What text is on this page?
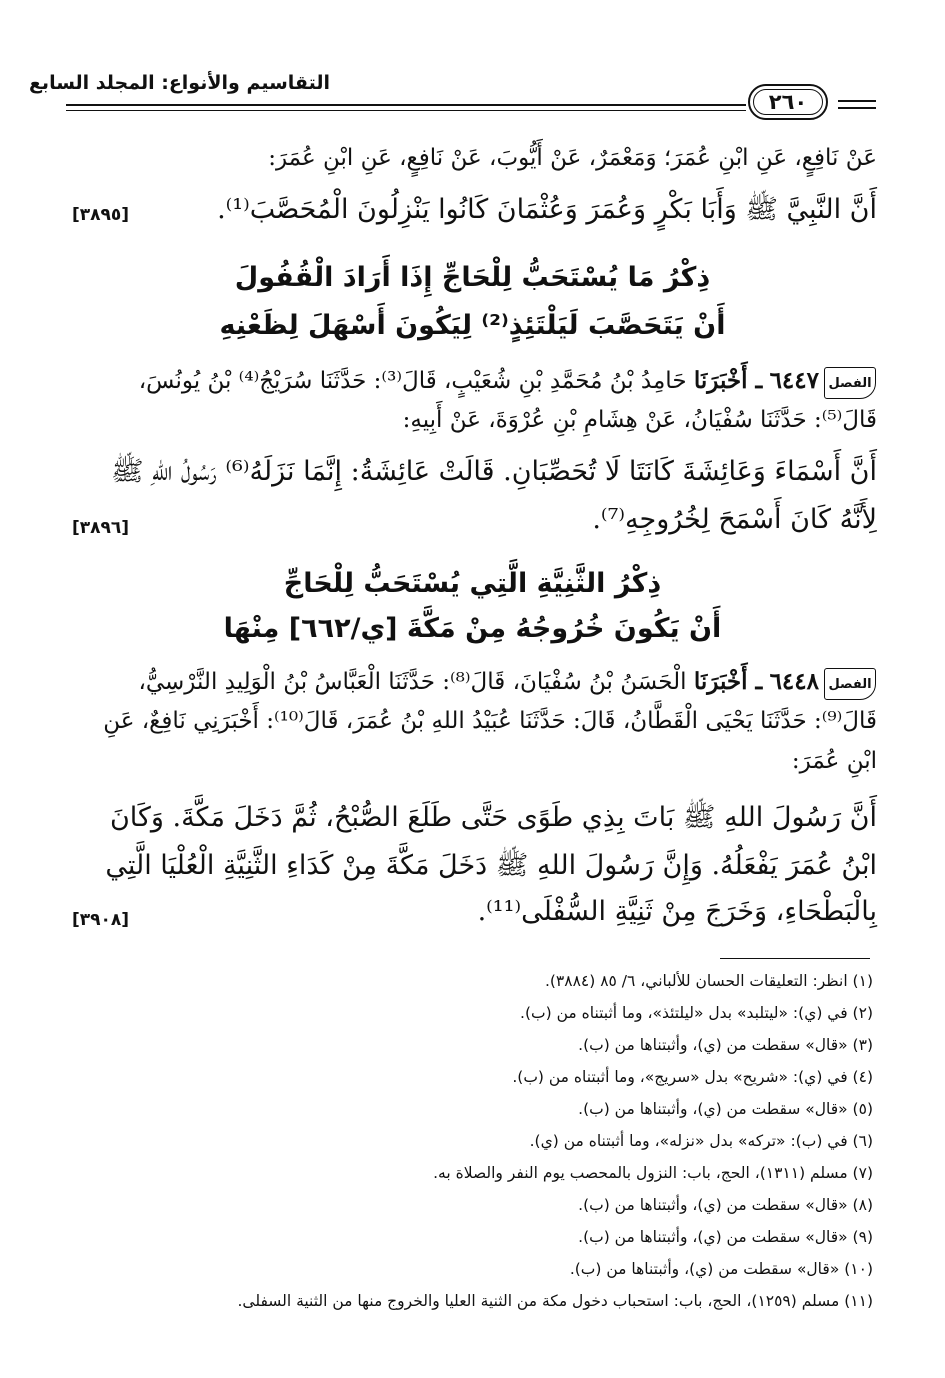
التقاسيم والأنواع: المجلد السابع
٢٦٠
عَنْ نَافِعٍ، عَنِ ابْنِ عُمَرَ؛ وَمَعْمَرٌ، عَنْ أَيُّوبَ، عَنْ نَافِعٍ، عَنِ ابْنِ عُمَرَ:
أَنَّ النَّبِيَّ ﷺ وَأَبَا بَكْرٍ وَعُمَرَ وَعُثْمَانَ كَانُوا يَنْزِلُونَ الْمُحَصَّبَ⁽¹⁾.
[٣٨٩٥]
ذِكْرُ مَا يُسْتَحَبُّ لِلْحَاجِّ إِذَا أَرَادَ الْقُفُولَ
أَنْ يَتَحَصَّبَ لَيَلْتَئِذٍ⁽²⁾ لِيَكُونَ أَسْهَلَ لِظَعْنِهِ
الفصل
٦٤٤٧ ـ أَخْبَرَنَا حَامِدُ بْنُ مُحَمَّدِ بْنِ شُعَيْبٍ، قَالَ⁽³⁾: حَدَّثَنَا سُرَيْجُ⁽⁴⁾ بْنُ يُونُسَ،
قَالَ⁽⁵⁾: حَدَّثَنَا سُفْيَانُ، عَنْ هِشَامِ بْنِ عُرْوَةَ، عَنْ أَبِيهِ:
أَنَّ أَسْمَاءَ وَعَائِشَةَ كَانَتَا لَا تُحَصِّبَانِ. قَالَتْ عَائِشَةُ: إِنَّمَا نَزَلَهُ⁽⁶⁾ رَسُولُ اللهِ ﷺ
لِأَنَّهُ كَانَ أَسْمَحَ لِخُرُوجِهِ⁽⁷⁾.
[٣٨٩٦]
ذِكْرُ الثَّنِيَّةِ الَّتِي يُسْتَحَبُّ لِلْحَاجِّ
أَنْ يَكُونَ خُرُوجُهُ مِنْ مَكَّةَ [ي/٦٦٢] مِنْهَا
الفصل
٦٤٤٨ ـ أَخْبَرَنَا الْحَسَنُ بْنُ سُفْيَانَ، قَالَ⁽⁸⁾: حَدَّثَنَا الْعَبَّاسُ بْنُ الْوَلِيدِ النَّرْسِيُّ،
قَالَ⁽⁹⁾: حَدَّثَنَا يَحْيَى الْقَطَّانُ، قَالَ: حَدَّثَنَا عُبَيْدُ اللهِ بْنُ عُمَرَ، قَالَ⁽¹⁰⁾: أَخْبَرَنِي نَافِعٌ، عَنِ
ابْنِ عُمَرَ:
أَنَّ رَسُولَ اللهِ ﷺ بَاتَ بِذِي طَوًى حَتَّى طَلَعَ الصُّبْحُ، ثُمَّ دَخَلَ مَكَّةَ. وَكَانَ
ابْنُ عُمَرَ يَفْعَلُهُ. وَإِنَّ رَسُولَ اللهِ ﷺ دَخَلَ مَكَّةَ مِنْ كَدَاءِ الثَّنِيَّةِ الْعُلْيَا الَّتِي
بِالْبَطْحَاءِ، وَخَرَجَ مِنْ ثَنِيَّةِ السُّفْلَى⁽¹¹⁾.
[٣٩٠٨]
(١) انظر: التعليقات الحسان للألباني، ٦/ ٨٥ (٣٨٨٤).
(٢) في (ي): «ليتلبد» بدل «ليلتئذ»، وما أثبتناه من (ب).
(٣) «قال» سقطت من (ي)، وأثبتناها من (ب).
(٤) في (ي): «شريح» بدل «سريج»، وما أثبتناه من (ب).
(٥) «قال» سقطت من (ي)، وأثبتناها من (ب).
(٦) في (ب): «تركه» بدل «نزله»، وما أثبتناه من (ي).
(٧) مسلم (١٣١١)، الحج، باب: النزول بالمحصب يوم النفر والصلاة به.
(٨) «قال» سقطت من (ي)، وأثبتناها من (ب).
(٩) «قال» سقطت من (ي)، وأثبتناها من (ب).
(١٠) «قال» سقطت من (ي)، وأثبتناها من (ب).
(١١) مسلم (١٢٥٩)، الحج، باب: استحباب دخول مكة من الثنية العليا والخروج منها من الثنية السفلى.
